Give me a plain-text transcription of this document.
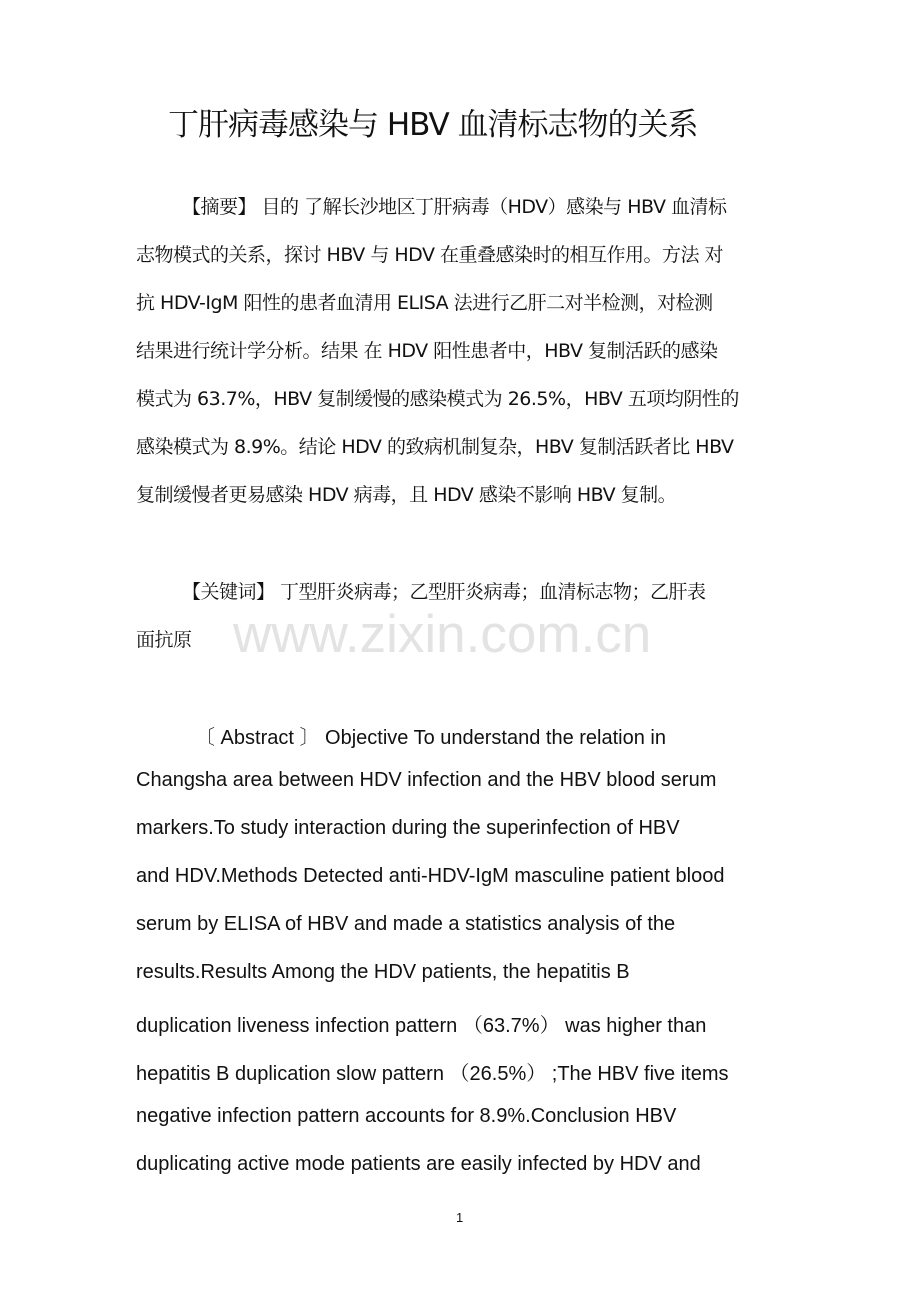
丁肝病毒感染与 HBV 血清标志物的关系
【摘要】 目的 了解长沙地区丁肝病毒（HDV）感染与 HBV 血清标
志物模式的关系，探讨 HBV 与 HDV 在重叠感染时的相互作用。方法 对
抗 HDV-IgM 阳性的患者血清用 ELISA 法进行乙肝二对半检测，对检测
结果进行统计学分析。结果 在 HDV 阳性患者中，HBV 复制活跃的感染
模式为 63.7%，HBV 复制缓慢的感染模式为 26.5%，HBV 五项均阴性的
感染模式为 8.9%。结论 HDV 的致病机制复杂，HBV 复制活跃者比 HBV
复制缓慢者更易感染 HDV 病毒，且 HDV 感染不影响 HBV 复制。
【关键词】 丁型肝炎病毒；乙型肝炎病毒；血清标志物；乙肝表
面抗原 www.zixin.com.cn
〔 Abstract 〕 Objective To understand the relation in
Changsha area between HDV infection and the HBV blood serum
markers.To study interaction during the superinfection of HBV
and HDV.Methods Detected anti-HDV-IgM masculine patient blood
serum by ELISA of HBV and made a statistics analysis of the
results.Results Among the HDV patients, the hepatitis B
duplication liveness infection pattern （63.7%） was higher than
hepatitis B duplication slow pattern （26.5%） ;The HBV five items
negative infection pattern accounts for 8.9%.Conclusion HBV
duplicating active mode patients are easily infected by HDV and
1
